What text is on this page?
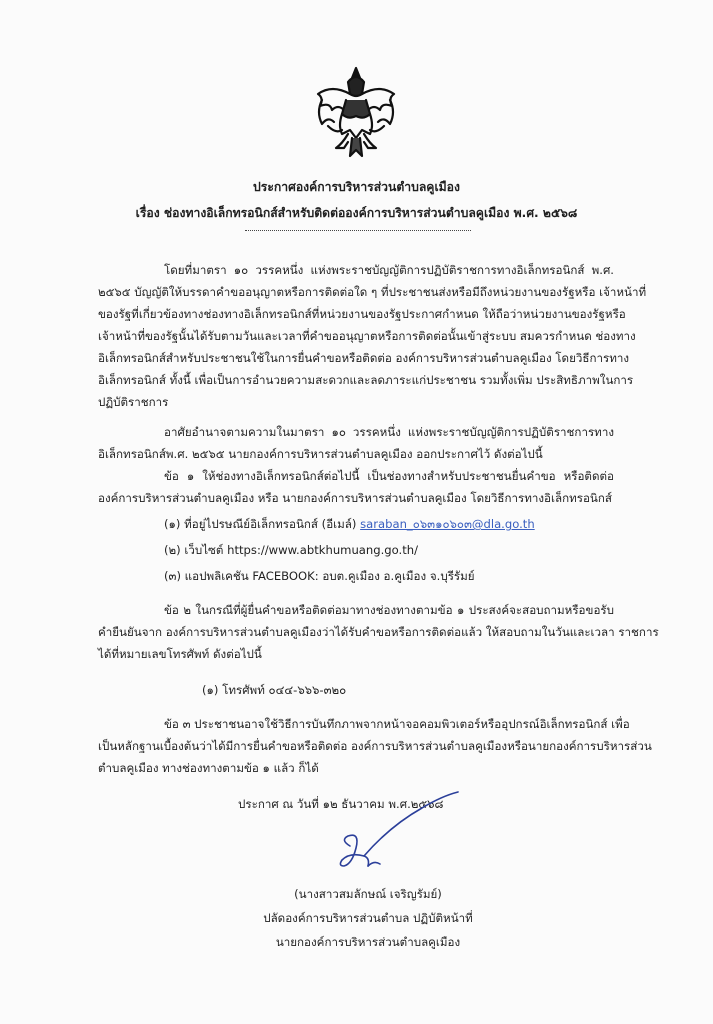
ประกาศองค์การบริหารส่วนตำบลคูเมือง
เรื่อง ช่องทางอิเล็กทรอนิกส์สำหรับติดต่อองค์การบริหารส่วนตำบลคูเมือง พ.ศ. ๒๕๖๘
โดยที่มาตรา ๑๐ วรรคหนึ่ง แห่งพระราชบัญญัติการปฏิบัติราชการทางอิเล็กทรอนิกส์ พ.ศ.
๒๕๖๕ บัญญัติให้บรรดาคำขออนุญาตหรือการติดต่อใด ๆ ที่ประชาชนส่งหรือมีถึงหน่วยงานของรัฐหรือ เจ้าหน้าที่
ของรัฐที่เกี่ยวข้องทางช่องทางอิเล็กทรอนิกส์ที่หน่วยงานของรัฐประกาศกำหนด ให้ถือว่าหน่วยงานของรัฐหรือ
เจ้าหน้าที่ของรัฐนั้นได้รับตามวันและเวลาที่คำขออนุญาตหรือการติดต่อนั้นเข้าสู่ระบบ สมควรกำหนด ช่องทาง
อิเล็กทรอนิกส์สำหรับประชาชนใช้ในการยื่นคำขอหรือติดต่อ องค์การบริหารส่วนตำบลคูเมือง โดยวิธีการทาง
อิเล็กทรอนิกส์ ทั้งนี้ เพื่อเป็นการอำนวยความสะดวกและลดภาระแก่ประชาชน รวมทั้งเพิ่ม ประสิทธิภาพในการ
ปฏิบัติราชการ
อาศัยอำนาจตามความในมาตรา ๑๐ วรรคหนึ่ง แห่งพระราชบัญญัติการปฏิบัติราชการทาง
อิเล็กทรอนิกส์พ.ศ. ๒๕๖๕ นายกองค์การบริหารส่วนตำบลคูเมือง ออกประกาศไว้ ดังต่อไปนี้
ข้อ ๑ ให้ช่องทางอิเล็กทรอนิกส์ต่อไปนี้ เป็นช่องทางสำหรับประชาชนยื่นคำขอ หรือติดต่อ
องค์การบริหารส่วนตำบลคูเมือง หรือ นายกองค์การบริหารส่วนตำบลคูเมือง โดยวิธีการทางอิเล็กทรอนิกส์
(๑) ที่อยู่ไปรษณีย์อิเล็กทรอนิกส์ (อีเมล์) saraban_๐๖๓๑๐๖๐๓@dla.go.th
(๒) เว็บไซต์ https://www.abtkhumuang.go.th/
(๓) แอปพลิเคชัน FACEBOOK: อบต.คูเมือง อ.คูเมือง จ.บุรีรัมย์
ข้อ ๒ ในกรณีที่ผู้ยื่นคำขอหรือติดต่อมาทางช่องทางตามข้อ ๑ ประสงค์จะสอบถามหรือขอรับ
คำยืนยันจาก องค์การบริหารส่วนตำบลคูเมืองว่าได้รับคำขอหรือการติดต่อแล้ว ให้สอบถามในวันและเวลา ราชการ
ได้ที่หมายเลขโทรศัพท์ ดังต่อไปนี้
(๑) โทรศัพท์ ๐๔๔-๖๖๖-๓๒๐
ข้อ ๓ ประชาชนอาจใช้วิธีการบันทึกภาพจากหน้าจอคอมพิวเตอร์หรืออุปกรณ์อิเล็กทรอนิกส์ เพื่อ
เป็นหลักฐานเบื้องต้นว่าได้มีการยื่นคำขอหรือติดต่อ องค์การบริหารส่วนตำบลคูเมืองหรือนายกองค์การบริหารส่วน
ตำบลคูเมือง ทางช่องทางตามข้อ ๑ แล้ว ก็ได้
ประกาศ ณ วันที่ ๑๒ ธันวาคม พ.ศ.๒๕๖๘
(นางสาวสมลักษณ์ เจริญรัมย์)
ปลัดองค์การบริหารส่วนตำบล ปฏิบัติหน้าที่
นายกองค์การบริหารส่วนตำบลคูเมือง
